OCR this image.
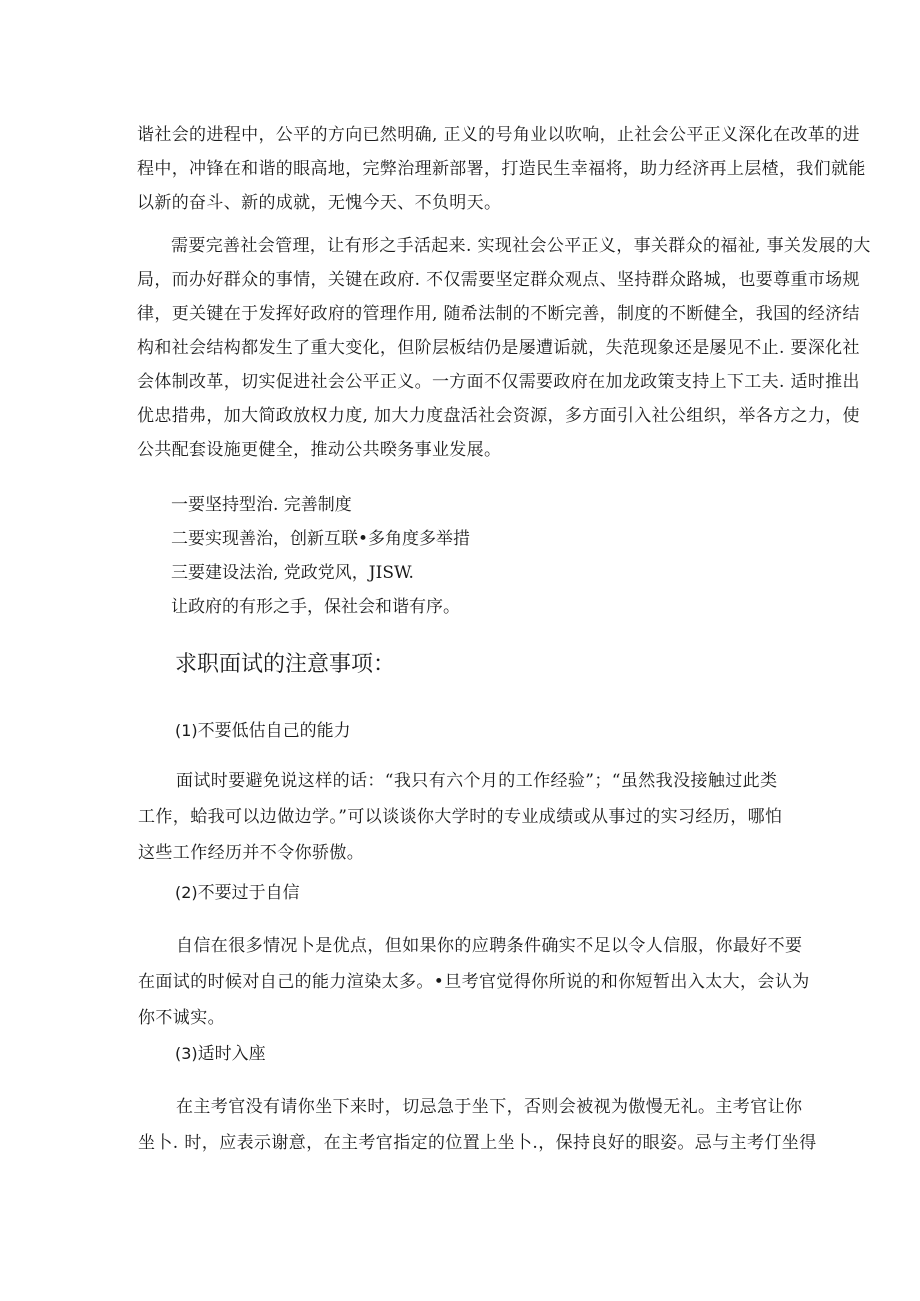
谐社会的进程中，公平的方向已然明确, 正义的号角业以吹响，止社会公平正义深化在改革的进
程中，冲锋在和谐的眼高地，完弊治理新部署，打造民生幸福将，助力经济再上层楂，我们就能
以新的奋斗、新的成就，无愧今天、不负明天。
需要完善社会管理，让有形之手活起来. 实现社会公平正义，事关群众的福祉, 事关发展的大
局，而办好群众的事情，关键在政府. 不仅需要坚定群众观点、坚持群众路城，也要尊重市场规
律，更关键在于发挥好政府的管理作用, 随希法制的不断完善，制度的不断健全，我国的经济结
构和社会结构都发生了重大变化，但阶层板结仍是屡遭诟就，失范现象还是屡见不止. 要深化社
会体制改革，切实促进社会公平正义。一方面不仅需要政府在加龙政策支持上下工夫. 适时推出
优忠措弗，加大简政放权力度, 加大力度盘活社会资源，多方面引入社公组织，举各方之力，使
公共配套设施更健全，推动公共暌务事业发展。
一要坚持型治. 完善制度
二要实现善治，创新互联•多角度多举措
三要建设法治, 党政党风，JISW.
让政府的有形之手，保社会和谐有序。
求职面试的注意事项：
(1)不要低估自己的能力
面试时要避免说这样的话：“我只有六个月的工作经验”；“虽然我没接触过此类
工作，蛤我可以边做边学。”可以谈谈你大学时的专业成绩或从事过的实习经历，哪怕
这些工作经历并不令你骄傲。
(2)不要过于自信
自信在很多情况卜是优点，但如果你的应聘条件确实不足以令人信服，你最好不要
在面试的时候对自己的能力渲染太多。•旦考官觉得你所说的和你短暂出入太大，会认为
你不诚实。
(3)适时入座
在主考官没有请你坐下来时，切忌急于坐下，否则会被视为傲慢无礼。主考官让你
坐卜. 时，应表示谢意，在主考官指定的位置上坐卜.，保持良好的眼姿。忌与主考仃坐得
